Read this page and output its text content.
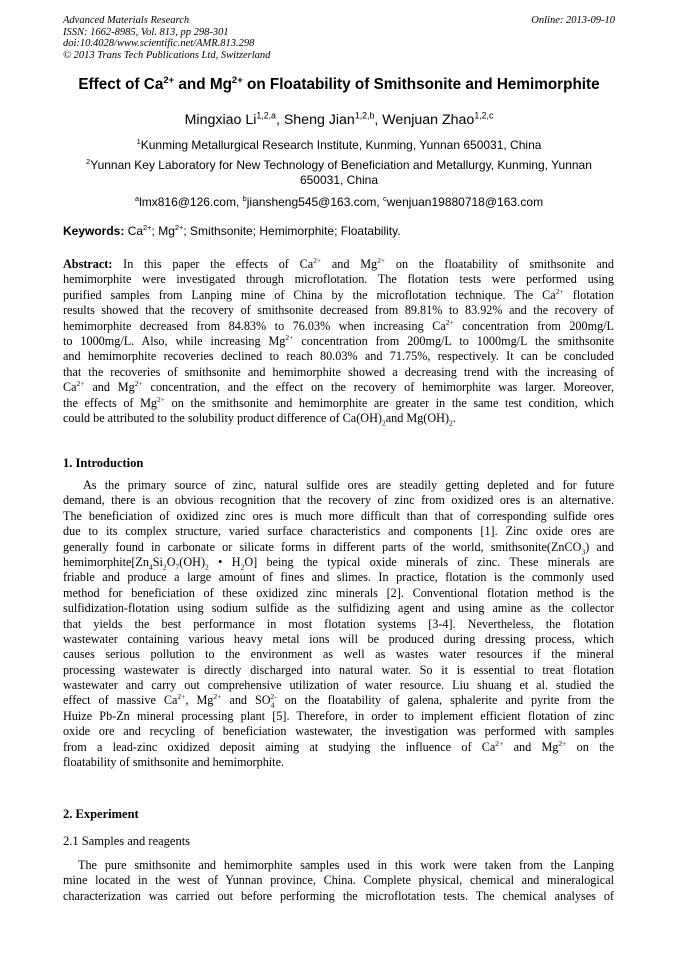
Advanced Materials Research
ISSN: 1662-8985, Vol. 813, pp 298-301
doi:10.4028/www.scientific.net/AMR.813.298
© 2013 Trans Tech Publications Ltd, Switzerland
Online: 2013-09-10
Effect of $Ca^{2+}$ and $Mg^{2+}$ on Floatability of Smithsonite and Hemimorphite
Mingxiao Li$^{1,2,a}$, Sheng Jian$^{1,2,b}$, Wenjuan Zhao$^{1,2,c}$
$^1$Kunming Metallurgical Research Institute, Kunming, Yunnan 650031, China
$^2$Yunnan Key Laboratory for New Technology of Beneficiation and Metallurgy, Kunming, Yunnan 650031, China
$^a$lmx816@126.com, $^b$jiansheng545@163.com, $^c$wenjuan19880718@163.com
Keywords: $Ca^{2+}$; $Mg^{2+}$; Smithsonite; Hemimorphite; Floatability.
Abstract: In this paper the effects of $Ca^{2+}$ and $Mg^{2+}$ on the floatability of smithsonite and
hemimorphite were investigated through microflotation. The flotation tests were performed using
purified samples from Lanping mine of China by the microflotation technique. The $Ca^{2+}$ flotation
results showed that the recovery of smithsonite decreased from 89.81% to 83.92% and the recovery of
hemimorphite decreased from 84.83% to 76.03% when increasing $Ca^{2+}$ concentration from 200mg/L
to 1000mg/L. Also, while increasing $Mg^{2+}$ concentration from 200mg/L to 1000mg/L the smithsonite
and hemimorphite recoveries declined to reach 80.03% and 71.75%, respectively. It can be concluded
that the recoveries of smithsonite and hemimorphite showed a decreasing trend with the increasing of
$Ca^{2+}$ and $Mg^{2+}$ concentration, and the effect on the recovery of hemimorphite was larger. Moreover,
the effects of $Mg^{2+}$ on the smithsonite and hemimorphite are greater in the same test condition, which
could be attributed to the solubility product difference of $Ca(OH)_2and$ $Mg(OH)_2$.
1. Introduction
As the primary source of zinc, natural sulfide ores are steadily getting depleted and for future
demand, there is an obvious recognition that the recovery of zinc from oxidized ores is an alternative.
The beneficiation of oxidized zinc ores is much more difficult than that of corresponding sulfide ores
due to its complex structure, varied surface characteristics and components [1]. Zinc oxide ores are
generally found in carbonate or silicate forms in different parts of the world, smithsonite(ZnCO$_3$) and
$hemimorphite[Zn_4Si_2O_7(OH)_2$ • $H_2O$] being the typical oxide minerals of zinc. These minerals are
friable and produce a large amount of fines and slimes. In practice, flotation is the commonly used
method for beneficiation of these oxidized zinc minerals [2]. Conventional flotation method is the
sulfidization-flotation using sodium sulfide as the sulfidizing agent and using amine as the collector
that yields the best performance in most flotation systems [3-4]. Nevertheless, the flotation
wastewater containing various heavy metal ions will be produced during dressing process, which
causes serious pollution to the environment as well as wastes water resources if the mineral
processing wastewater is directly discharged into natural water. So it is essential to treat flotation
wastewater and carry out comprehensive utilization of water resource. Liu shuang et al. studied the
effect of massive $Ca^{2+}$, $Mg^{2+}$ and $SO_4^{2-}$ on the floatability of galena, sphalerite and pyrite from the
Huize Pb-Zn mineral processing plant [5]. Therefore, in order to implement efficient flotation of zinc
oxide ore and recycling of beneficiation wastewater, the investigation was performed with samples
from a lead-zinc oxidized deposit aiming at studying the influence of $Ca^{2+}$ and $Mg^{2+}$ on the
floatability of smithsonite and hemimorphite.
2. Experiment
2.1 Samples and reagents
The pure smithsonite and hemimorphite samples used in this work were taken from the Lanping
mine located in the west of Yunnan province, China. Complete physical, chemical and mineralogical
characterization was carried out before performing the microflotation tests. The chemical analyses of
